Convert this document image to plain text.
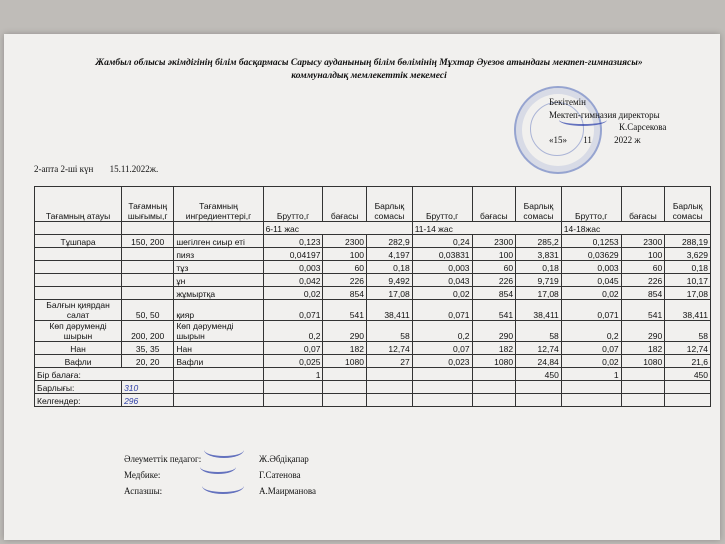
Жамбыл облысы әкімдігінің білім басқармасы Сарысу ауданының білім бөлімінің Мұхтар Әуезов атындағы мектеп-гимназиясы»
коммуналдық мемлекеттік мекемесі
Бекітемін
Мектеп-гимназия директоры
К.Сарсекова
«15» 11 2022 ж
2-апта 2-ші күн 15.11.2022ж.
Тағамның атауы	Тағамның шығымы,г	Тағамның ингредиенттері,г	Брутто,г	бағасы	Барлық сомасы	Брутто,г	бағасы	Барлық сомасы	Брутто,г	бағасы	Барлық сомасы
			6-11 жас			11-14 жас			14-18жас		
Тұшпара	150, 200	шегілген сиыр еті	0,123	2300	282,9	0,24	2300	285,2	0,1253	2300	288,19
		пияз	0,04197	100	4,197	0,03831	100	3,831	0,03629	100	3,629
		тұз	0,003	60	0,18	0,003	60	0,18	0,003	60	0,18
		ұн	0,042	226	9,492	0,043	226	9,719	0,045	226	10,17
		жұмыртқа	0,02	854	17,08	0,02	854	17,08	0,02	854	17,08
Балғын қиярдан салат	50, 50	қияр	0,071	541	38,411	0,071	541	38,411	0,071	541	38,411
Көп дәруменді шырын	200, 200	Көп дәруменді шырын	0,2	290	58	0,2	290	58	0,2	290	58
Нан	35, 35	Нан	0,07	182	12,74	0,07	182	12,74	0,07	182	12,74
Вафли	20, 20	Вафли	0,025	1080	27	0,023	1080	24,84	0,02	1080	21,6
Бір балаға:			1					450	1		450
Барлығы:	310										
Келгендер:	296										
Әлеуметтік педагог:	Ж.Әбдіқапар
Медбике:	Г.Сатенова
Аспазшы:	А.Маирманова
